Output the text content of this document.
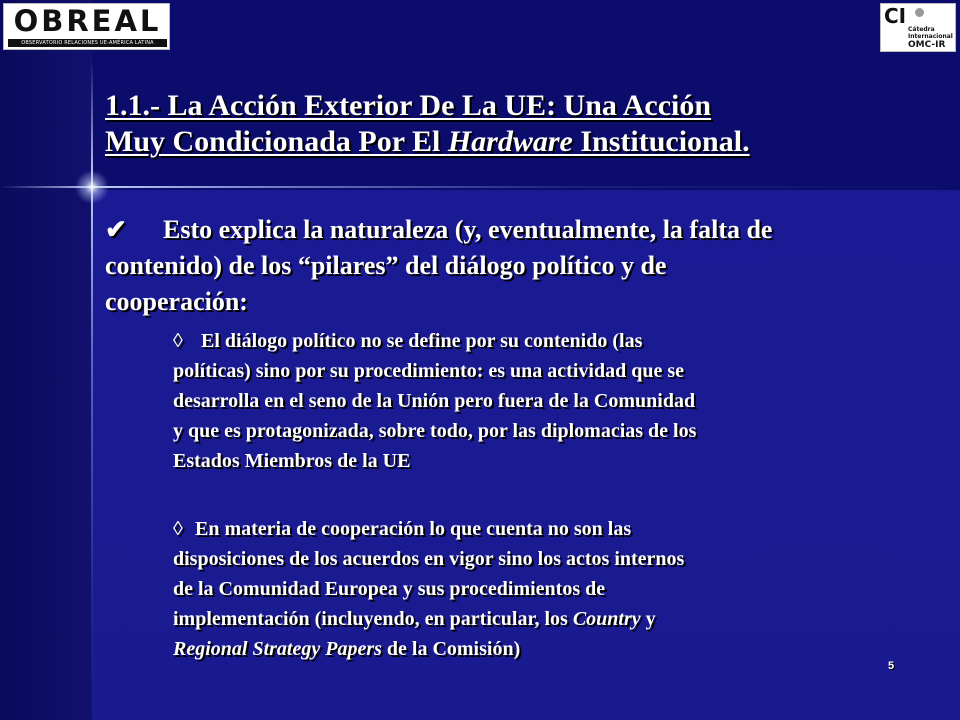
OBREAL
OBSERVATORIO RELACIONES UE-AMÉRICA LATINA
CI
Cátedra
Internacional
OMC-IR
1.1.- La Acción Exterior De La UE: Una Acción
Muy Condicionada Por El Hardware Institucional.
✔ Esto explica la naturaleza (y, eventualmente, la falta de
contenido) de los “pilares” del diálogo político y de
cooperación:
◊ El diálogo político no se define por su contenido (las
políticas) sino por su procedimiento: es una actividad que se
desarrolla en el seno de la Unión pero fuera de la Comunidad
y que es protagonizada, sobre todo, por las diplomacias de los
Estados Miembros de la UE
◊ En materia de cooperación lo que cuenta no son las
disposiciones de los acuerdos en vigor sino los actos internos
de la Comunidad Europea y sus procedimientos de
implementación (incluyendo, en particular, los Country y
Regional Strategy Papers de la Comisión)
5
